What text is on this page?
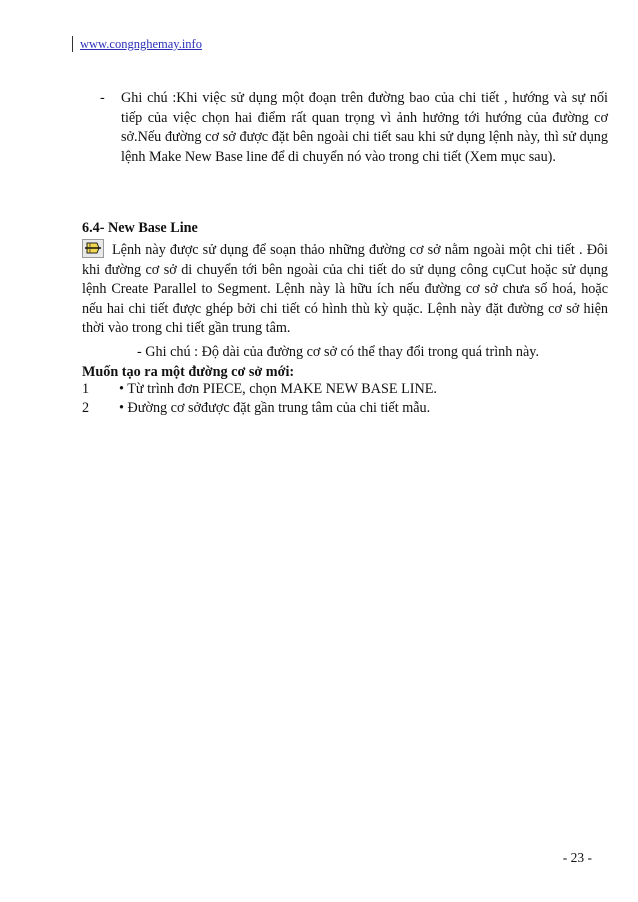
www.congnghemay.info
-	Ghi chú :Khi việc sử dụng một đoạn trên đường bao của chi tiết , hướng và sự nối tiếp của việc chọn hai điểm rất quan trọng vì ảnh hưởng tới hướng của đường cơ sở.Nếu đường cơ sở được đặt bên ngoài chi tiết sau khi sử dụng lệnh này, thì sử dụng lệnh Make New Base line để di chuyển nó vào trong chi tiết (Xem mục sau).
6.4- New Base Line
Lệnh này được sử dụng để soạn thảo những đường cơ sở nằm ngoài một chi tiết . Đôi khi đường cơ sở di chuyển tới bên ngoài của chi tiết do sử dụng công cụCut hoặc sử dụng lệnh Create Parallel to Segment. Lệnh này là hữu ích nếu đường cơ sở chưa số hoá, hoặc nếu hai chi tiết được ghép bởi chi tiết có hình thù kỳ quặc. Lệnh này đặt đường cơ sở hiện thời vào trong chi tiết gần trung tâm.
- Ghi chú : Độ dài của đường cơ sở có thể thay đổi trong quá trình này.
Muốn tạo ra một đường cơ sở mới:
1 • Từ trình đơn PIECE, chọn MAKE NEW BASE LINE.
2 • Đường cơ sởđược đặt gần trung tâm của chi tiết mẫu.
- 23 -
